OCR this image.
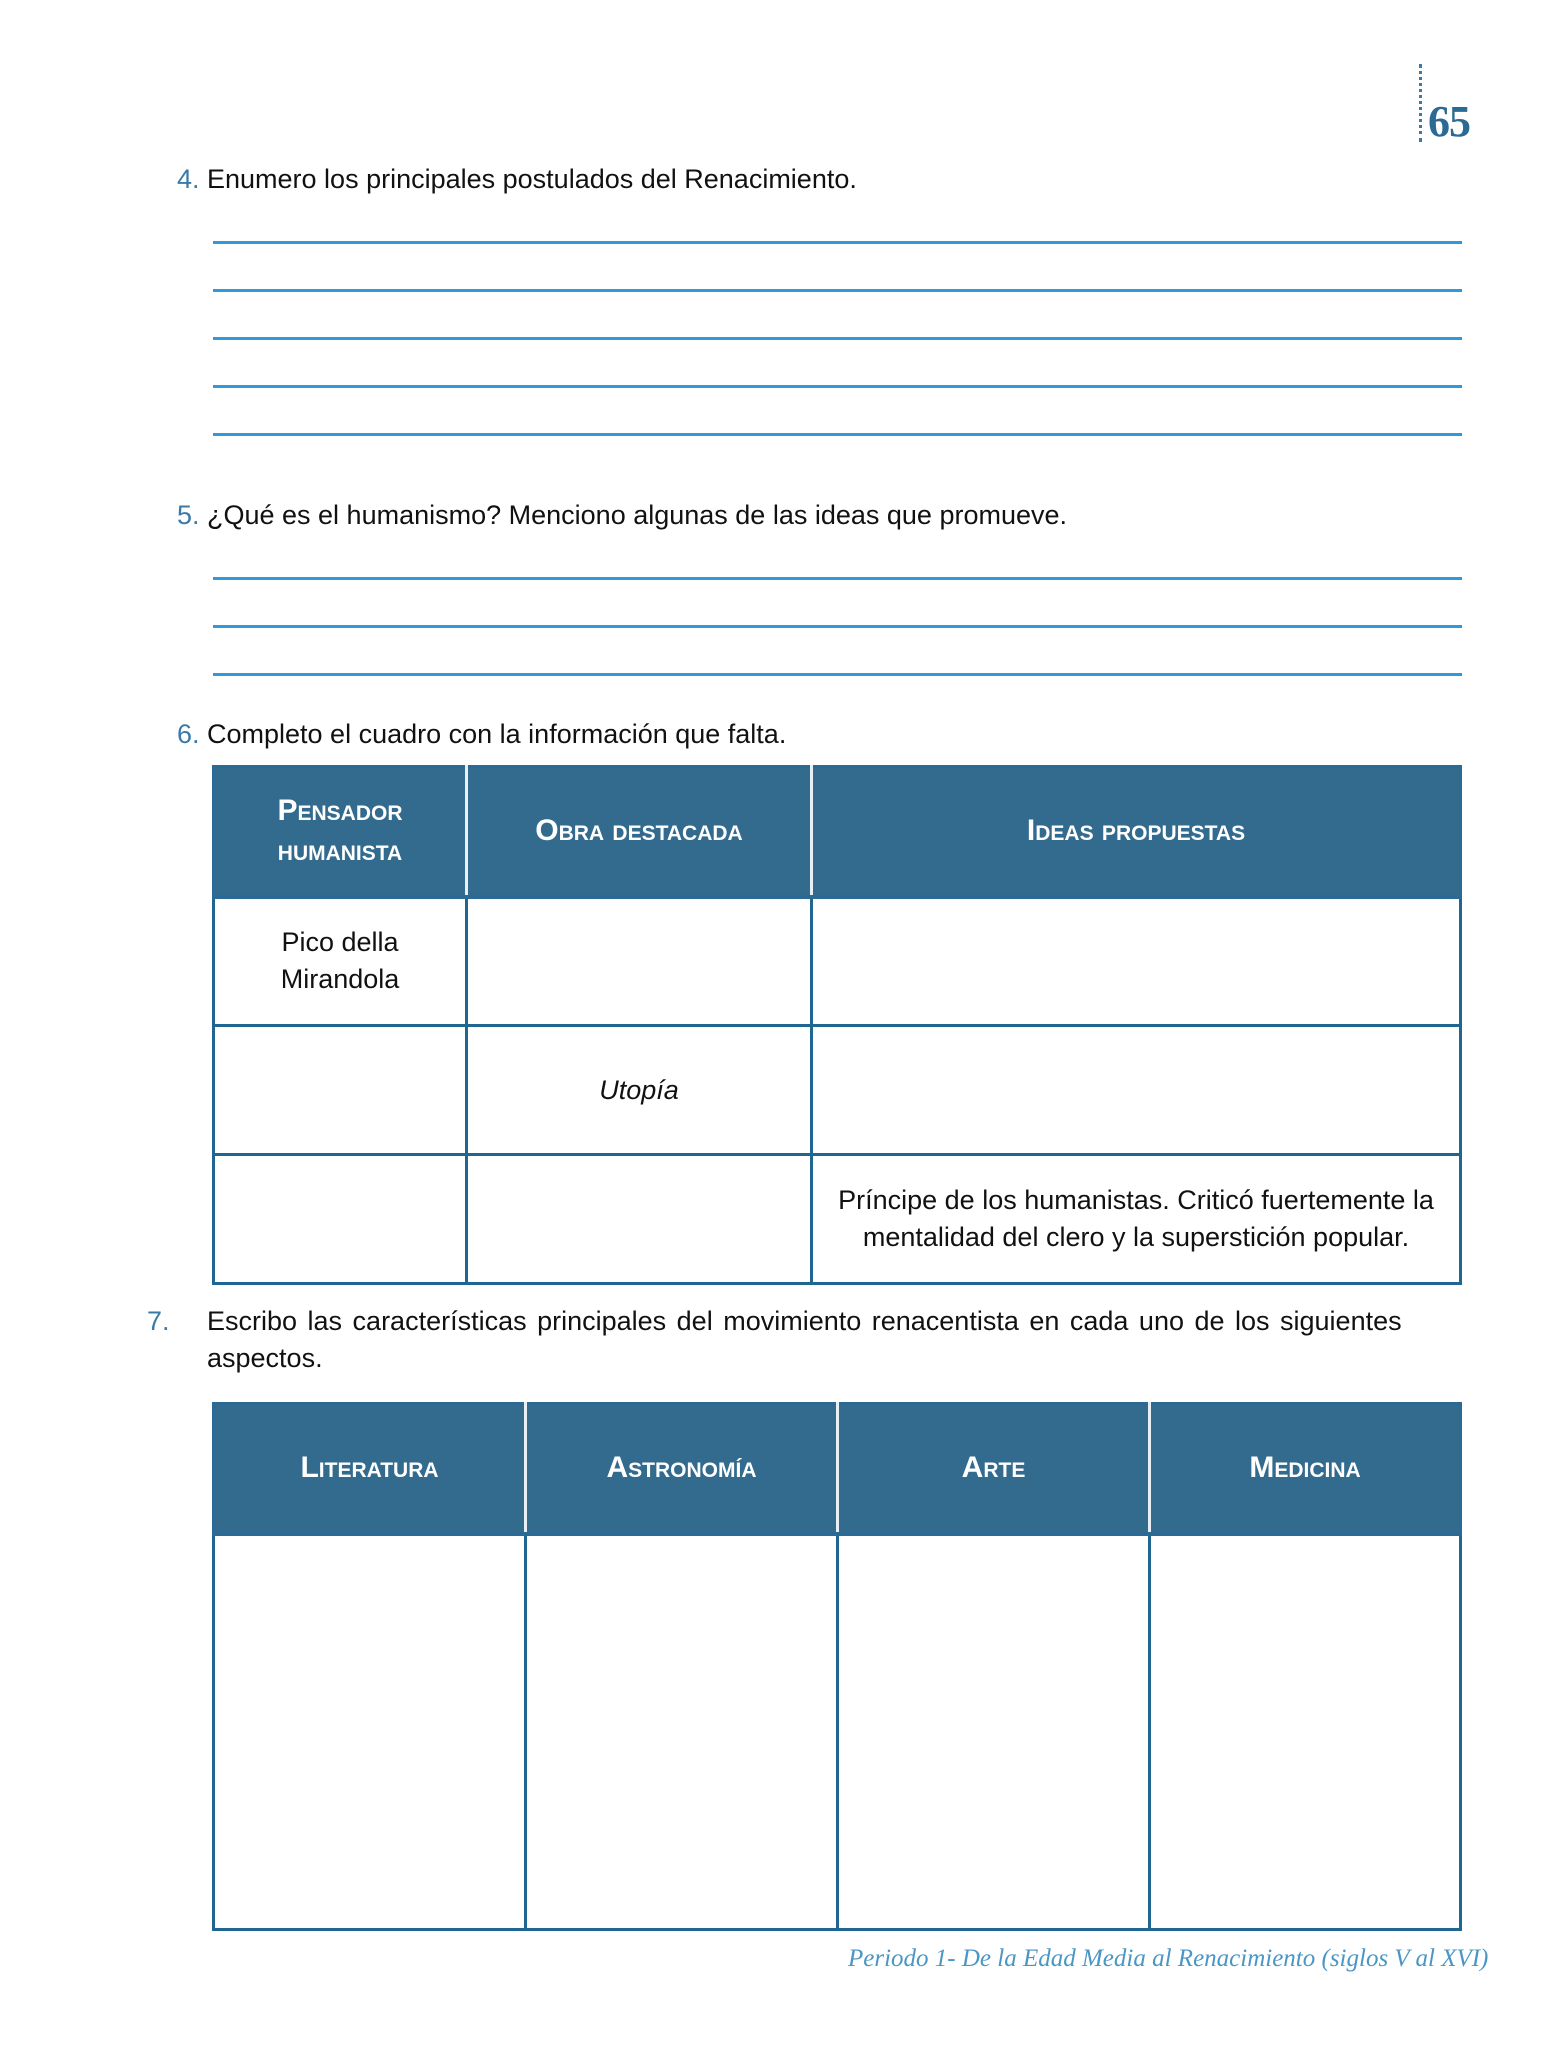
65
4. Enumero los principales postulados del Renacimiento.
5. ¿Qué es el humanismo? Menciono algunas de las ideas que promueve.
6. Completo el cuadro con la información que falta.
Pensador humanista	Obra destacada	Ideas propuestas
Pico della Mirandola		
	Utopía	
		Príncipe de los humanistas. Criticó fuertemente la mentalidad del clero y la superstición popular.
7. Escribo las características principales del movimiento renacentista en cada uno de los siguientes aspectos.
Literatura	Astronomía	Arte	Medicina

Periodo 1- De la Edad Media al Renacimiento (siglos V al XVI)
